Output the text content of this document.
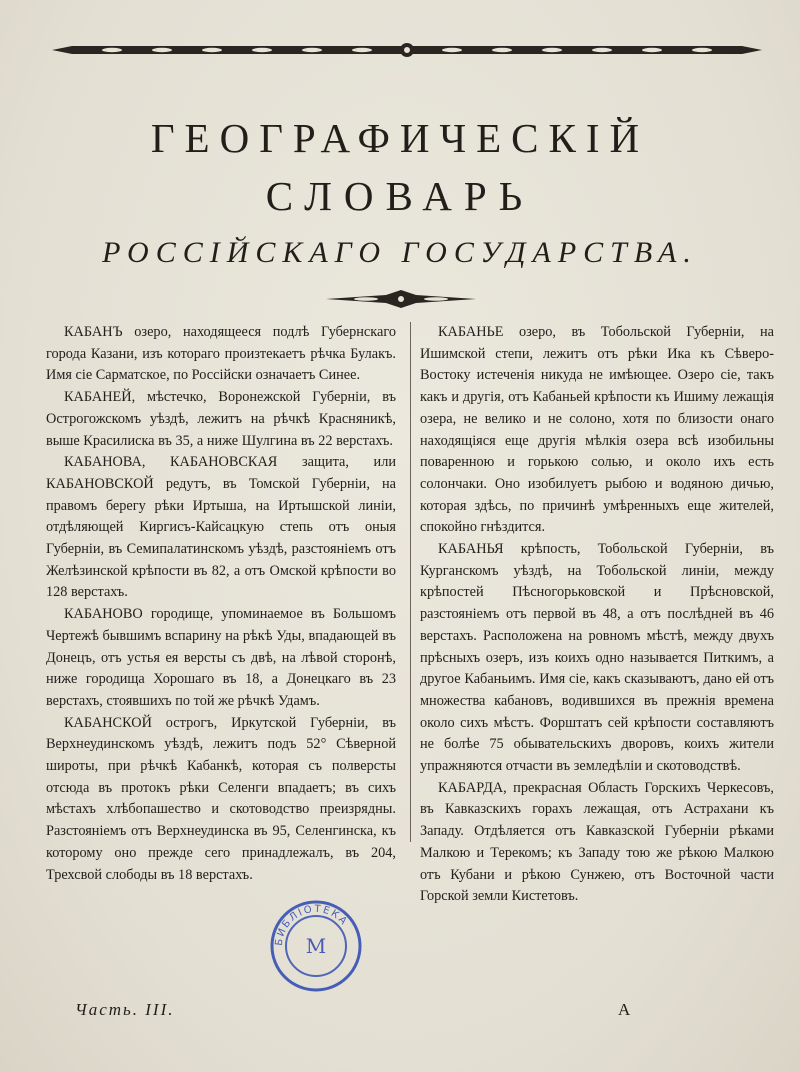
ГЕОГРАФИЧЕСКІЙ
СЛОВАРЬ
РОССІЙСКАГО ГОСУДАРСТВА.

КАБАНЪ озеро, находящееся подлѣ Губернскаго города Казани, изъ котораго произтекаетъ рѣчка Булакъ. Имя сіе Сарматское, по Россійски означаетъ Синее.

КАБАНЕЙ, мѣстечко, Воронежской Губерніи, въ Острогожскомъ уѣздѣ, лежитъ на рѣчкѣ Красняникѣ, выше Красилиска въ 35, а ниже Шулгина въ 22 верстахъ.

КАБАНОВА, КАБАНОВСКАЯ защита, или КАБАНОВСКОЙ редутъ, въ Томской Губерніи, на правомъ берегу рѣки Иртыша, на Иртышской линіи, отдѣляющей Киргисъ-Кайсацкую степь отъ оныя Губерніи, въ Семипалатинскомъ уѣздѣ, разстояніемъ отъ Желѣзинской крѣпости въ 82, а отъ Омской крѣпости во 128 верстахъ.

КАБАНОВО городище, упоминаемое въ Большомъ Чертежѣ бывшимъ вспарину на рѣкѣ Уды, впадающей въ Донецъ, отъ устья ея версты съ двѣ, на лѣвой сторонѣ, ниже городища Хорошаго въ 18, а Донецкаго въ 23 верстахъ, стоявшихъ по той же рѣчкѣ Удамъ.

КАБАНСКОЙ острогъ, Иркутской Губерніи, въ Верхнеудинскомъ уѣздѣ, лежитъ подъ 52° Сѣверной широты, при рѣчкѣ Кабанкѣ, которая съ полверсты отсюда въ протокъ рѣки Селенги впадаетъ; въ сихъ мѣстахъ хлѣбопашество и скотоводство преизрядны. Разстояніемъ отъ Верхнеудинска въ 95, Селенгинска, къ которому оно прежде сего принадлежалъ, въ 204, Трехсвой слободы въ 18 верстахъ.

КАБАНЬЕ озеро, въ Тобольской Губерніи, на Ишимской степи, лежитъ отъ рѣки Ика къ Сѣверо-Востоку истеченія никуда не имѣющее. Озеро сіе, такъ какъ и другія, отъ Кабаньей крѣпости къ Ишиму лежащія озера, не велико и не солоно, хотя по близости онаго находящіяся еще другія мѣлкія озера всѣ изобильны поваренною и горькою солью, и около ихъ есть солончаки. Оно изобилуетъ рыбою и водяною дичью, которая здѣсь, по причинѣ умѣренныхъ еще жителей, спокойно гнѣздится.

КАБАНЬЯ крѣпость, Тобольской Губерніи, въ Курганскомъ уѣздѣ, на Тобольской линіи, между крѣпостей Пѣсногорьковской и Прѣсновской, разстояніемъ отъ первой въ 48, а отъ послѣдней въ 46 верстахъ. Расположена на ровномъ мѣстѣ, между двухъ прѣсныхъ озеръ, изъ коихъ одно называется Питкимъ, а другое Кабаньимъ. Имя сіе, какъ сказываютъ, дано ей отъ множества кабановъ, водившихся въ прежнія времена около сихъ мѣстъ. Форштатъ сей крѣпости составляютъ не болѣе 75 обывательскихъ дворовъ, коихъ жители упражняются отчасти въ земледѣліи и скотоводствѣ.

КАБАРДА, прекрасная Область Горскихъ Черкесовъ, въ Кавказскихъ горахъ лежащая, отъ Астрахани къ Западу. Отдѣляется отъ Кавказской Губерніи рѣками Малкою и Терекомъ; къ Западу тою же рѣкою Малкою отъ Кубани и рѣкою Сунжею, отъ Восточной части Горской земли Кистетовъ.

M
БИБЛІОТЕКА
Часть. III.	А
